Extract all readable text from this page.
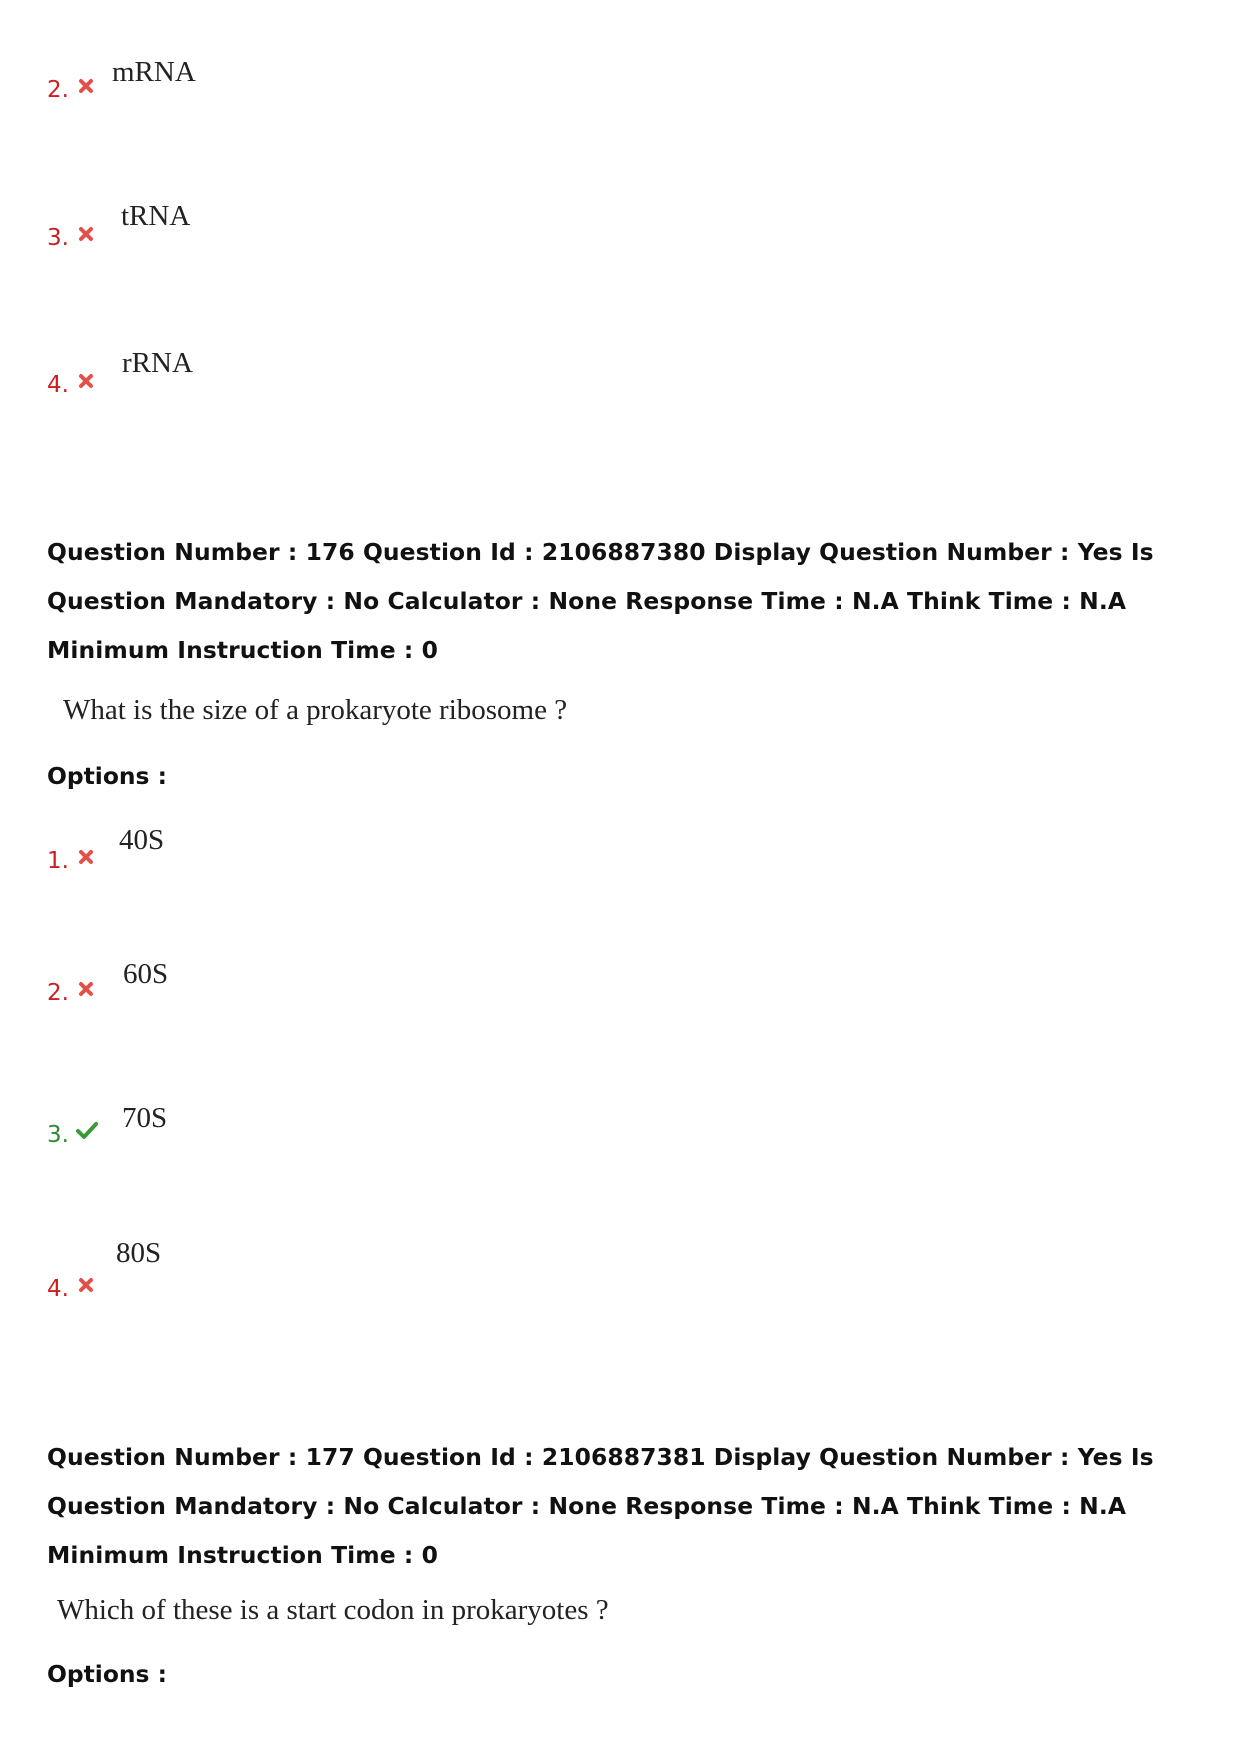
2.
mRNA
3.
tRNA
4.
rRNA
Question Number : 176 Question Id : 2106887380 Display Question Number : Yes Is Question Mandatory : No Calculator : None Response Time : N.A Think Time : N.A Minimum Instruction Time : 0
What is the size of a prokaryote ribosome ?
Options :
1.
40S
2.
60S
3.
70S
4.
80S
Question Number : 177 Question Id : 2106887381 Display Question Number : Yes Is Question Mandatory : No Calculator : None Response Time : N.A Think Time : N.A Minimum Instruction Time : 0
Which of these is a start codon in prokaryotes ?
Options :
